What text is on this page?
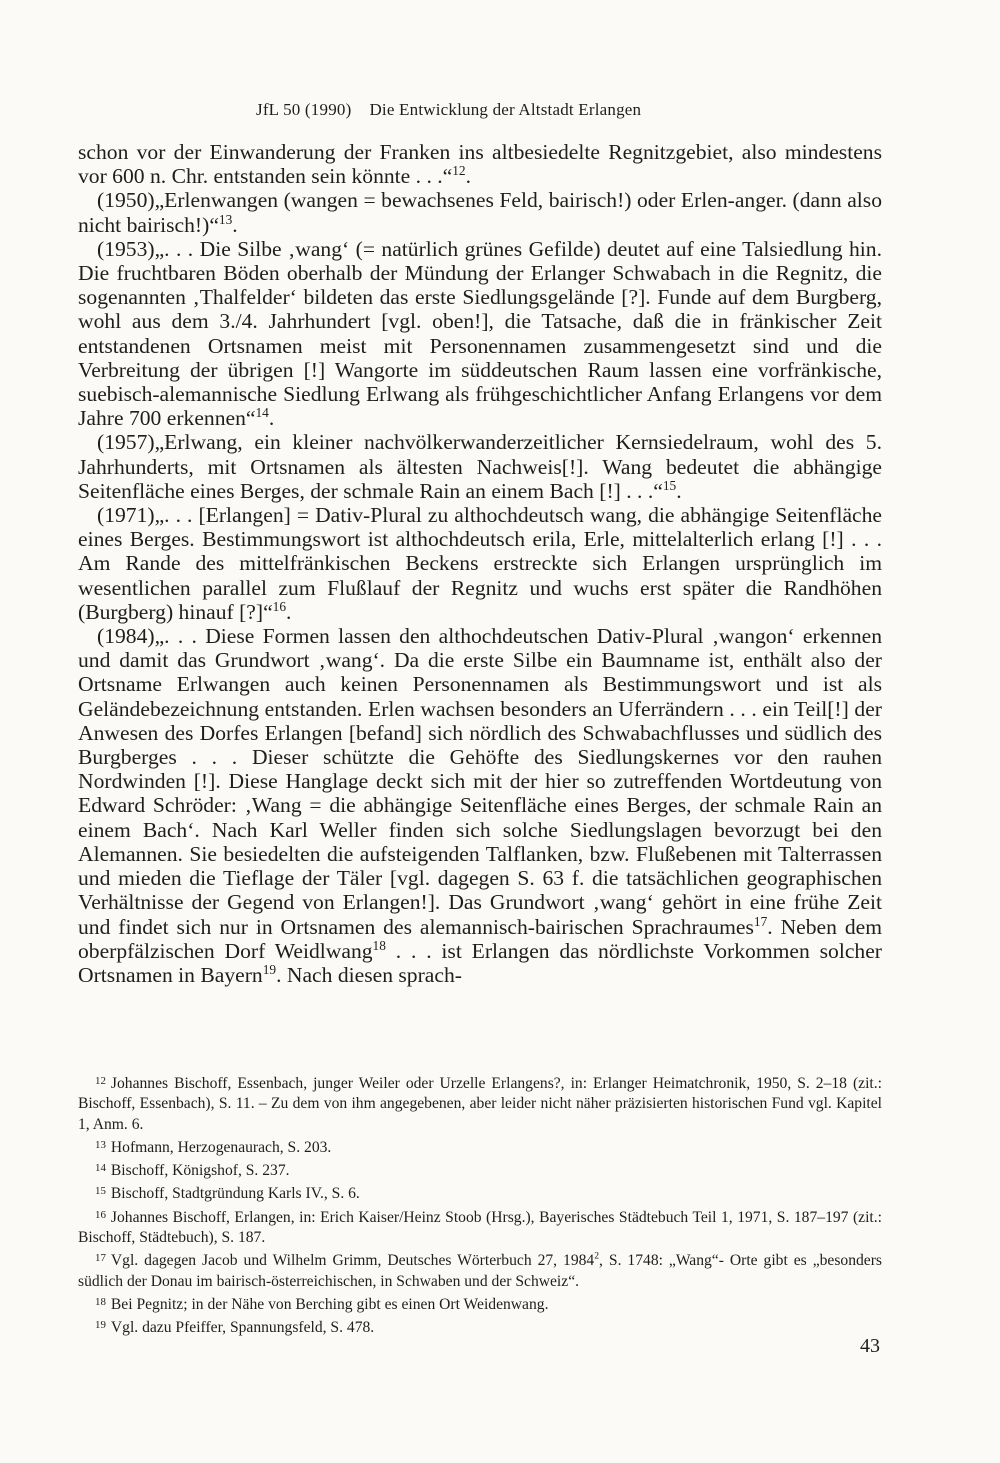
JfL 50 (1990) Die Entwicklung der Altstadt Erlangen

schon vor der Einwanderung der Franken ins altbesiedelte Regnitzgebiet, also mindestens vor 600 n. Chr. entstanden sein könnte . . .“$^{12}$.

(1950)„Erlenwangen (wangen = bewachsenes Feld, bairisch!) oder Erlen-anger. (dann also nicht bairisch!)“$^{13}$.

(1953)„. . . Die Silbe ‚wang‘ (= natürlich grünes Gefilde) deutet auf eine Talsiedlung hin. Die fruchtbaren Böden oberhalb der Mündung der Erlanger Schwabach in die Regnitz, die sogenannten ‚Thalfelder‘ bildeten das erste Siedlungsgelände [?]. Funde auf dem Burgberg, wohl aus dem 3./4. Jahrhundert [vgl. oben!], die Tatsache, daß die in fränkischer Zeit entstandenen Ortsnamen meist mit Personennamen zusammengesetzt sind und die Verbreitung der übrigen [!] Wangorte im süddeutschen Raum lassen eine vorfränkische, suebisch-alemannische Siedlung Erlwang als frühgeschichtlicher Anfang Erlangens vor dem Jahre 700 erkennen“$^{14}$.

(1957)„Erlwang, ein kleiner nachvölkerwanderzeitlicher Kernsiedelraum, wohl des 5. Jahrhunderts, mit Ortsnamen als ältesten Nachweis[!]. Wang bedeutet die abhängige Seitenfläche eines Berges, der schmale Rain an einem Bach [!] . . .“$^{15}$.

(1971)„. . . [Erlangen] = Dativ-Plural zu althochdeutsch wang, die abhängige Seitenfläche eines Berges. Bestimmungswort ist althochdeutsch erila, Erle, mittelalterlich erlang [!] . . . Am Rande des mittelfränkischen Beckens erstreckte sich Erlangen ursprünglich im wesentlichen parallel zum Flußlauf der Regnitz und wuchs erst später die Randhöhen (Burgberg) hinauf [?]“$^{16}$.

(1984)„. . . Diese Formen lassen den althochdeutschen Dativ-Plural ‚wangon‘ erkennen und damit das Grundwort ‚wang‘. Da die erste Silbe ein Baumname ist, enthält also der Ortsname Erlwangen auch keinen Personennamen als Bestimmungswort und ist als Geländebezeichnung entstanden. Erlen wachsen besonders an Uferrändern . . . ein Teil[!] der Anwesen des Dorfes Erlangen [befand] sich nördlich des Schwabachflusses und südlich des Burgberges . . . Dieser schützte die Gehöfte des Siedlungskernes vor den rauhen Nordwinden [!]. Diese Hanglage deckt sich mit der hier so zutreffenden Wortdeutung von Edward Schröder: ‚Wang = die abhängige Seitenfläche eines Berges, der schmale Rain an einem Bach‘. Nach Karl Weller finden sich solche Siedlungslagen bevorzugt bei den Alemannen. Sie besiedelten die aufsteigenden Talflanken, bzw. Flußebenen mit Talterrassen und mieden die Tieflage der Täler [vgl. dagegen S. 63 f. die tatsächlichen geographischen Verhältnisse der Gegend von Erlangen!]. Das Grundwort ‚wang‘ gehört in eine frühe Zeit und findet sich nur in Ortsnamen des alemannisch-bairischen Sprachraumes$^{17}$. Neben dem oberpfälzischen Dorf Weidlwang$^{18}$ . . . ist Erlangen das nördlichste Vorkommen solcher Ortsnamen in Bayern$^{19}$. Nach diesen sprach-

$^{12}$ Johannes Bischoff, Essenbach, junger Weiler oder Urzelle Erlangens?, in: Erlanger Heimatchronik, 1950, S. 2–18 (zit.: Bischoff, Essenbach), S. 11. – Zu dem von ihm angegebenen, aber leider nicht näher präzisierten historischen Fund vgl. Kapitel 1, Anm. 6.

$^{13}$ Hofmann, Herzogenaurach, S. 203.

$^{14}$ Bischoff, Königshof, S. 237.

$^{15}$ Bischoff, Stadtgründung Karls IV., S. 6.

$^{16}$ Johannes Bischoff, Erlangen, in: Erich Kaiser/Heinz Stoob (Hrsg.), Bayerisches Städtebuch Teil 1, 1971, S. 187–197 (zit.: Bischoff, Städtebuch), S. 187.

$^{17}$ Vgl. dagegen Jacob und Wilhelm Grimm, Deutsches Wörterbuch 27, 1984$^2$, S. 1748: „Wang“- Orte gibt es „besonders südlich der Donau im bairisch-österreichischen, in Schwaben und der Schweiz“.

$^{18}$ Bei Pegnitz; in der Nähe von Berching gibt es einen Ort Weidenwang.

$^{19}$ Vgl. dazu Pfeiffer, Spannungsfeld, S. 478.

43
